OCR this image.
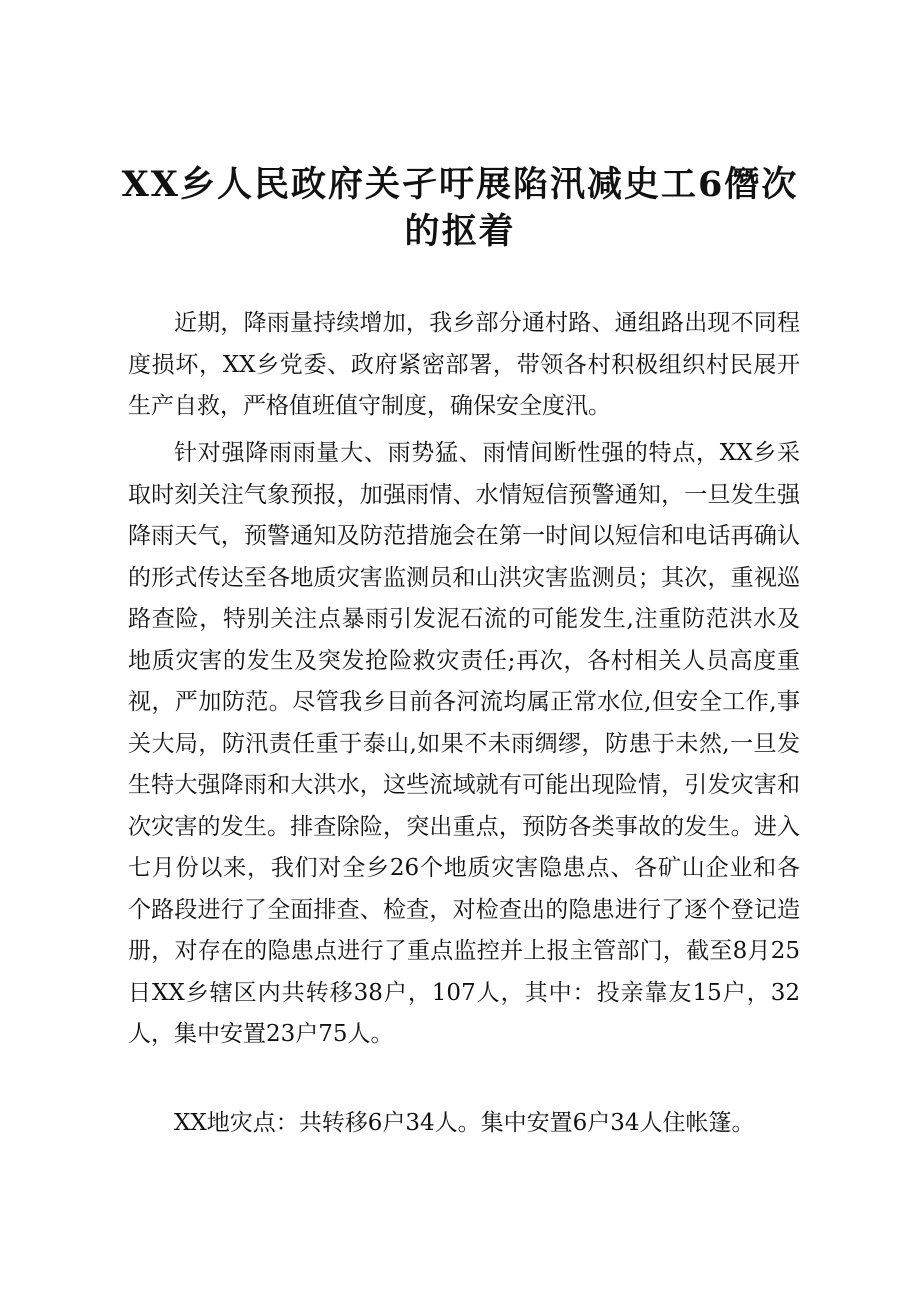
XX乡人民政府关孑吁展陷汛减史工6僭次
的抠着

近期，降雨量持续增加，我乡部分通村路、通组路出现不同程度损坏，XX乡党委、政府紧密部署，带领各村积极组织村民展开生产自救，严格值班值守制度，确保安全度汛。

针对强降雨雨量大、雨势猛、雨情间断性强的特点，XX乡采取时刻关注气象预报，加强雨情、水情短信预警通知，一旦发生强降雨天气，预警通知及防范措施会在第一时间以短信和电话再确认的形式传达至各地质灾害监测员和山洪灾害监测员；其次，重视巡路查险，特别关注点暴雨引发泥石流的可能发生,注重防范洪水及地质灾害的发生及突发抢险救灾责任;再次，各村相关人员高度重视，严加防范。尽管我乡目前各河流均属正常水位,但安全工作,事关大局，防汛责任重于泰山,如果不未雨绸缪，防患于未然,一旦发生特大强降雨和大洪水，这些流域就有可能出现险情，引发灾害和次灾害的发生。排查除险，突出重点，预防各类事故的发生。进入七月份以来，我们对全乡26个地质灾害隐患点、各矿山企业和各个路段进行了全面排查、检查，对检查出的隐患进行了逐个登记造册，对存在的隐患点进行了重点监控并上报主管部门，截至8月25日XX乡辖区内共转移38户，107人，其中：投亲靠友15户，32人，集中安置23户75人。

XX地灾点：共转移6户34人。集中安置6户34人住帐篷。
